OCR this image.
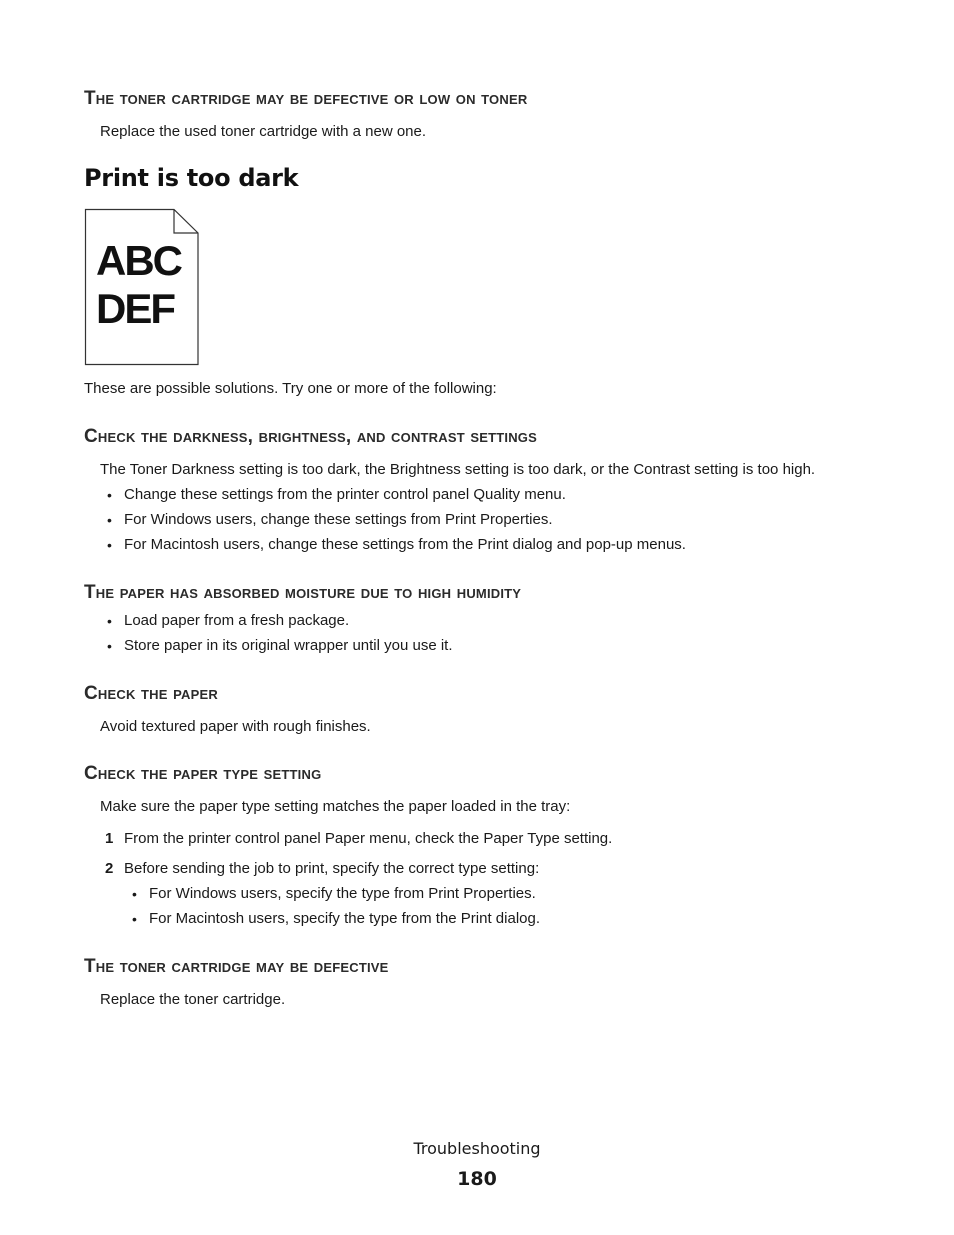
The toner cartridge may be defective or low on toner
Replace the used toner cartridge with a new one.
Print is too dark
ABC
DEF
These are possible solutions. Try one or more of the following:
Check the darkness, brightness, and contrast settings
The Toner Darkness setting is too dark, the Brightness setting is too dark, or the Contrast setting is too high.
• Change these settings from the printer control panel Quality menu.
• For Windows users, change these settings from Print Properties.
• For Macintosh users, change these settings from the Print dialog and pop-up menus.
The paper has absorbed moisture due to high humidity
• Load paper from a fresh package.
• Store paper in its original wrapper until you use it.
Check the paper
Avoid textured paper with rough finishes.
Check the paper type setting
Make sure the paper type setting matches the paper loaded in the tray:
1 From the printer control panel Paper menu, check the Paper Type setting.
2 Before sending the job to print, specify the correct type setting:
• For Windows users, specify the type from Print Properties.
• For Macintosh users, specify the type from the Print dialog.
The toner cartridge may be defective
Replace the toner cartridge.
Troubleshooting
180
